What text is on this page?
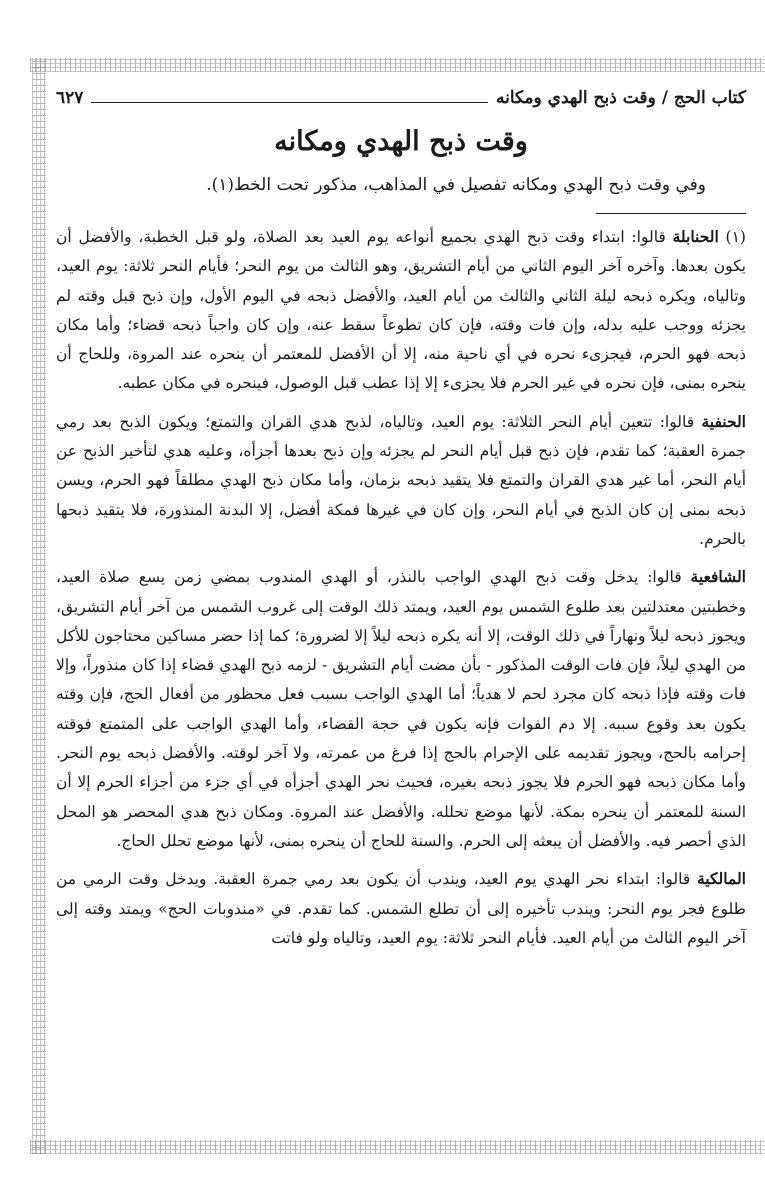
كتاب الحج / وقت ذبح الهدي ومكانه
٦٢٧
وقت ذبح الهدي ومكانه
وفي وقت ذبح الهدي ومكانه تفصيل في المذاهب، مذكور تحت الخط(١).

(١) الحنابلة قالوا: ابتداء وقت ذبح الهدي بجميع أنواعه يوم العيد بعد الصلاة، ولو قبل الخطبة، والأفضل أن يكون بعدها. وآخره آخر اليوم الثاني من أيام التشريق، وهو الثالث من يوم النحر؛ فأيام النحر ثلاثة: يوم العيد، وتالياه، ويكره ذبحه ليلة الثاني والثالث من أيام العيد، والأفضل ذبحه في اليوم الأول، وإن ذبح قبل وقته لم يجزئه ووجب عليه بدله، وإن فات وقته، فإن كان تطوعاً سقط عنه، وإن كان واجباً ذبحه قضاء؛ وأما مكان ذبحه فهو الحرم، فيجزىء نحره في أي ناحية منه، إلا أن الأفضل للمعتمر أن ينحره عند المروة، وللحاج أن ينحره بمنى، فإن نحره في غير الحرم فلا يجزىء إلا إذا عطب قبل الوصول، فينحره في مكان عطبه.

الحنفية قالوا: تتعين أيام النحر الثلاثة: يوم العيد، وتالياه، لذبح هدي القران والتمتع؛ ويكون الذبح بعد رمي جمرة العقبة؛ كما تقدم، فإن ذبح قبل أيام النحر لم يجزئه وإن ذبح بعدها أجزأه، وعليه هدي لتأخير الذبح عن أيام النحر، أما غير هدي القران والتمتع فلا يتقيد ذبحه بزمان، وأما مكان ذبح الهدي مطلقاً فهو الحرم، ويسن ذبحه بمنى إن كان الذبح في أيام النحر، وإن كان في غيرها فمكة أفضل، إلا البدنة المنذورة، فلا يتقيد ذبحها بالحرم.

الشافعية قالوا: يدخل وقت ذبح الهدي الواجب بالنذر، أو الهدي المندوب بمضي زمن يسع صلاة العيد، وخطبتين معتدلتين بعد طلوع الشمس يوم العيد، ويمتد ذلك الوقت إلى غروب الشمس من آخر أيام التشريق، ويجوز ذبحه ليلاً ونهاراً في ذلك الوقت، إلا أنه يكره ذبحه ليلاً إلا لضرورة؛ كما إذا حضر مساكين محتاجون للأكل من الهدي ليلاً، فإن فات الوقت المذكور - بأن مضت أيام التشريق - لزمه ذبح الهدي قضاء إذا كان منذوراً، وإلا فات وقته فإذا ذبحه كان مجرد لحم لا هدياً؛ أما الهدي الواجب بسبب فعل محظور من أفعال الحج، فإن وقته يكون بعد وقوع سببه. إلا دم الفوات فإنه يكون في حجة القضاء، وأما الهدي الواجب على المتمتع فوقته إحرامه بالحج، ويجوز تقديمه على الإحرام بالحج إذا فرغ من عمرته، ولا آخر لوقته. والأفضل ذبحه يوم النحر. وأما مكان ذبحه فهو الحرم فلا يجوز ذبحه بغيره، فحيث نحر الهدي أجزأه في أي جزء من أجزاء الحرم إلا أن السنة للمعتمر أن ينحره بمكة. لأنها موضع تحلله. والأفضل عند المروة. ومكان ذبح هدي المحصر هو المحل الذي أحصر فيه. والأفضل أن يبعثه إلى الحرم. والسنة للحاج أن ينحره بمنى، لأنها موضع تحلل الحاج.

المالكية قالوا: ابتداء نحر الهدي يوم العيد، ويندب أن يكون بعد رمي جمرة العقبة. ويدخل وقت الرمي من طلوع فجر يوم النحر: ويندب تأخيره إلى أن تطلع الشمس. كما تقدم. في «مندوبات الحج» ويمتد وقته إلى آخر اليوم الثالث من أيام العيد. فأيام النحر ثلاثة: يوم العيد، وتالياه ولو فاتت
